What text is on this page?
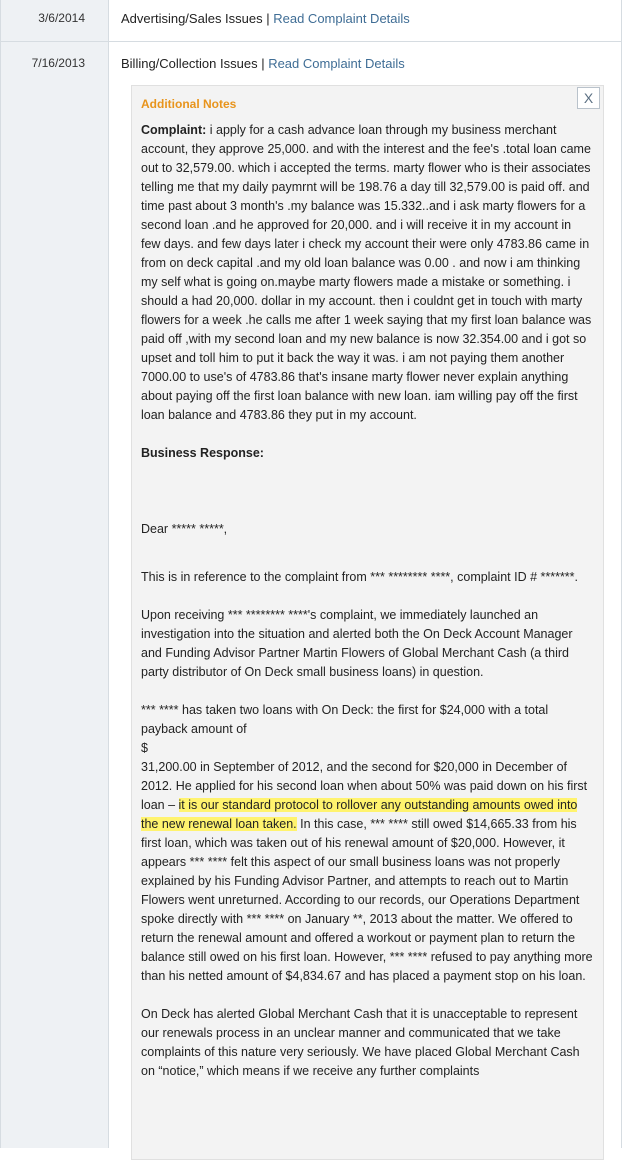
3/6/2014	Advertising/Sales Issues | Read Complaint Details
7/16/2013	Billing/Collection Issues | Read Complaint Details
X
Additional Notes

Complaint: i apply for a cash advance loan through my business merchant account, they approve 25,000. and with the interest and the fee's .total loan came out to 32,579.00. which i accepted the terms. marty flower who is their associates telling me that my daily paymrnt will be 198.76 a day till 32,579.00 is paid off. and time past about 3 month's .my balance was 15.332..and i ask marty flowers for a second loan .and he approved for 20,000. and i will receive it in my account in few days. and few days later i check my account their were only 4783.86 came in from on deck capital .and my old loan balance was 0.00 . and now i am thinking my self what is going on.maybe marty flowers made a mistake or something. i should a had 20,000. dollar in my account. then i couldnt get in touch with marty flowers for a week .he calls me after 1 week saying that my first loan balance was paid off ,with my second loan and my new balance is now 32.354.00 and i got so upset and toll him to put it back the way it was. i am not paying them another 7000.00 to use's of 4783.86 that's insane marty flower never explain anything about paying off the first loan balance with new loan. iam willing pay off the first loan balance and 4783.86 they put in my account.

Business Response:

Dear ***** *****,

This is in reference to the complaint from *** ******** ****, complaint ID # *******.

Upon receiving *** ******** ****'s complaint, we immediately launched an investigation into the situation and alerted both the On Deck Account Manager and Funding Advisor Partner Martin Flowers of Global Merchant Cash (a third party distributor of On Deck small business loans) in question.

*** **** has taken two loans with On Deck: the first for $24,000 with a total payback amount of
$
31,200.00 in September of 2012, and the second for $20,000 in December of 2012. He applied for his second loan when about 50% was paid down on his first loan – it is our standard protocol to rollover any outstanding amounts owed into the new renewal loan taken. In this case, *** **** still owed $14,665.33 from his first loan, which was taken out of his renewal amount of $20,000. However, it appears *** **** felt this aspect of our small business loans was not properly explained by his Funding Advisor Partner, and attempts to reach out to Martin Flowers went unreturned. According to our records, our Operations Department spoke directly with *** **** on January **, 2013 about the matter. We offered to return the renewal amount and offered a workout or payment plan to return the balance still owed on his first loan. However, *** **** refused to pay anything more than his netted amount of $4,834.67 and has placed a payment stop on his loan.

On Deck has alerted Global Merchant Cash that it is unacceptable to represent our renewals process in an unclear manner and communicated that we take complaints of this nature very seriously. We have placed Global Merchant Cash on “notice,” which means if we receive any further complaints
